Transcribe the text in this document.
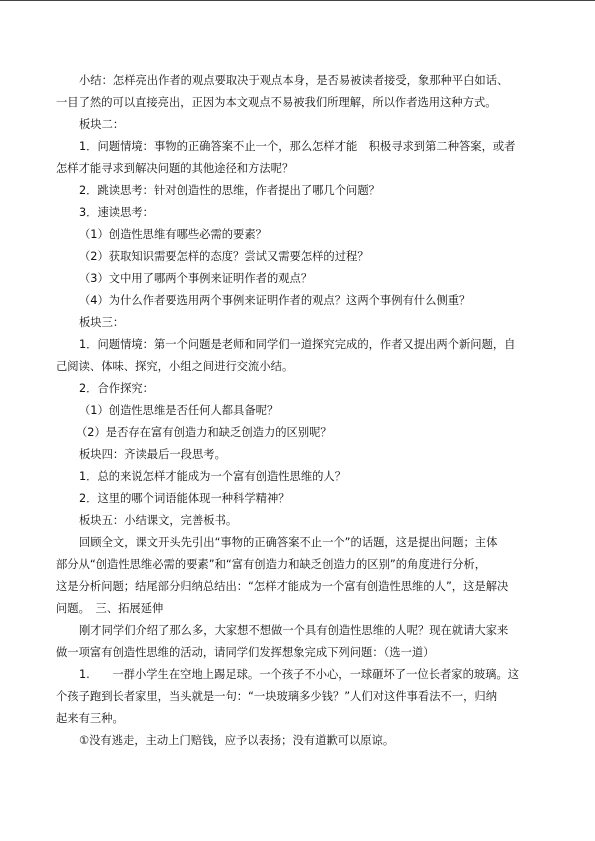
小结：怎样亮出作者的观点要取决于观点本身，是否易被读者接受，象那种平白如话、

一目了然的可以直接亮出，正因为本文观点不易被我们所理解，所以作者选用这种方式。

板块二：

1．问题情境：事物的正确答案不止一个，那么怎样才能　积极寻求到第二种答案，或者

怎样才能寻求到解决问题的其他途径和方法呢？

2．跳读思考：针对创造性的思维，作者提出了哪几个问题？

3．速读思考：

（1）创造性思维有哪些必需的要素？

（2）获取知识需要怎样的态度？尝试又需要怎样的过程？

（3）文中用了哪两个事例来证明作者的观点？

（4）为什么作者要选用两个事例来证明作者的观点？这两个事例有什么侧重？

板块三：

1．问题情境：第一个问题是老师和同学们一道探究完成的，作者又提出两个新问题，自

己阅读、体味、探究，小组之间进行交流小结。

2．合作探究：

（1）创造性思维是否任何人都具备呢？

（2）是否存在富有创造力和缺乏创造力的区别呢？

板块四：齐读最后一段思考。

1．总的来说怎样才能成为一个富有创造性思维的人？

2．这里的哪个词语能体现一种科学精神？

板块五：小结课文，完善板书。

回顾全文，课文开头先引出“事物的正确答案不止一个”的话题，这是提出问题；主体

部分从“创造性思维必需的要素”和“富有创造力和缺乏创造力的区别”的角度进行分析，

这是分析问题；结尾部分归纳总结出：“怎样才能成为一个富有创造性思维的人”，这是解决

问题。　三、拓展延伸

刚才同学们介绍了那么多，大家想不想做一个具有创造性思维的人呢？现在就请大家来

做一项富有创造性思维的活动，请同学们发挥想象完成下列问题：（选一道）

1.　　一群小学生在空地上踢足球。一个孩子不小心，一球砸坏了一位长者家的玻璃。这

个孩子跑到长者家里，当头就是一句：“一块玻璃多少钱？”人们对这件事看法不一，归纳

起来有三种。

①没有逃走，主动上门赔钱，应予以表扬；没有道歉可以原谅。
